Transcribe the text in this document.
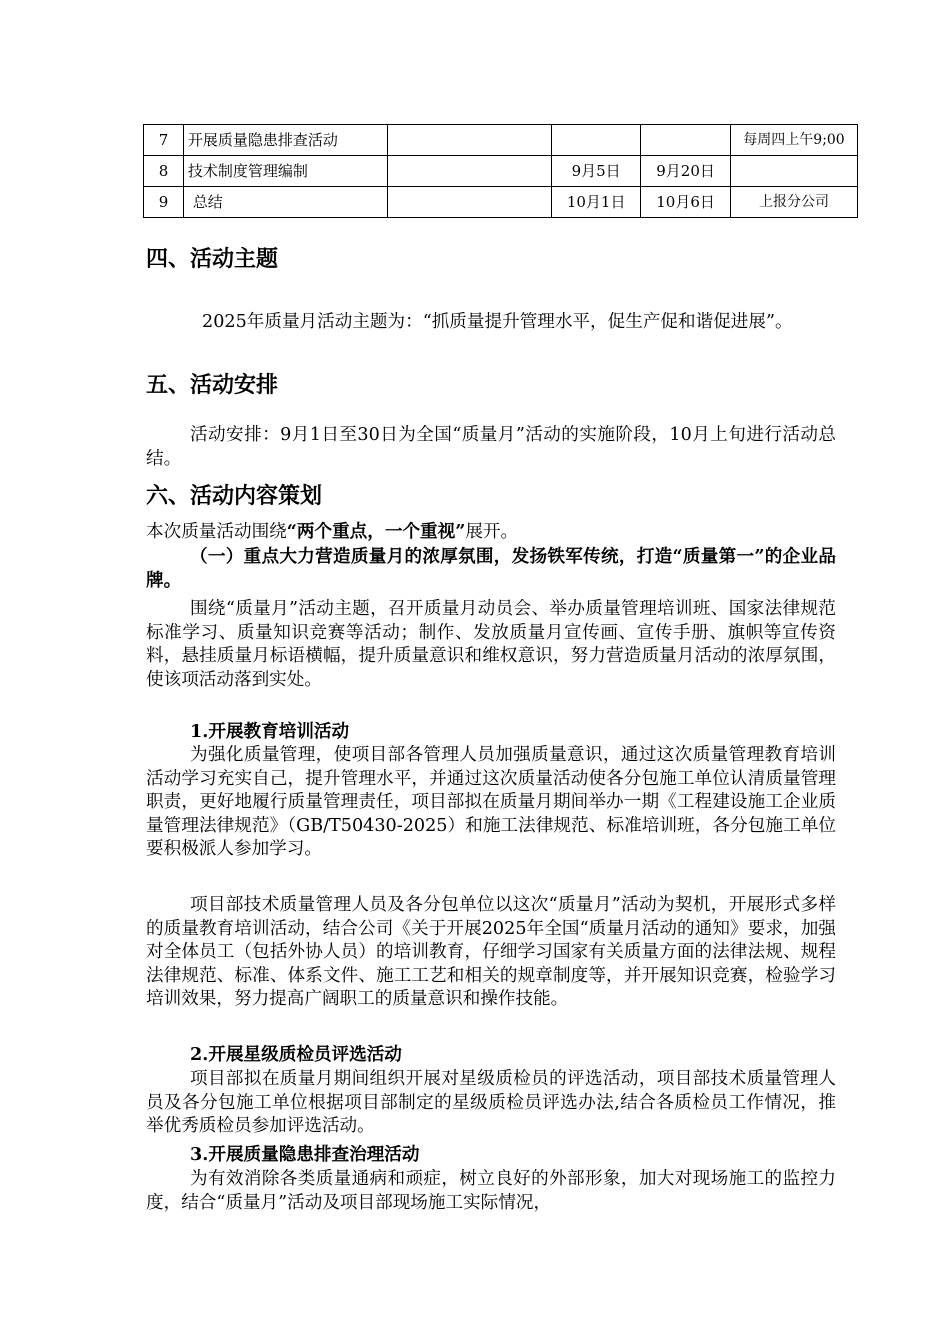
7	开展质量隐患排查活动				每周四上午9;00
8	技术制度管理编制		9月5日	9月20日	
9	总结		10月1日	10月6日	上报分公司
四、活动主题

2025年质量月活动主题为：“抓质量提升管理水平，促生产促和谐促进展”。

五、活动安排

活动安排：9月1日至30日为全国“质量月”活动的实施阶段，10月上旬进行活动总结。

六、活动内容策划

本次质量活动围绕“两个重点，一个重视”展开。

（一）重点大力营造质量月的浓厚氛围，发扬铁军传统，打造“质量第一”的企业品牌。

围绕“质量月”活动主题，召开质量月动员会、举办质量管理培训班、国家法律规范标准学习、质量知识竞赛等活动；制作、发放质量月宣传画、宣传手册、旗帜等宣传资料，悬挂质量月标语横幅，提升质量意识和维权意识，努力营造质量月活动的浓厚氛围，使该项活动落到实处。

1.开展教育培训活动

为强化质量管理，使项目部各管理人员加强质量意识，通过这次质量管理教育培训活动学习充实自己，提升管理水平，并通过这次质量活动使各分包施工单位认清质量管理职责，更好地履行质量管理责任，项目部拟在质量月期间举办一期《工程建设施工企业质量管理法律规范》（GB/T50430-2025）和施工法律规范、标准培训班，各分包施工单位要积极派人参加学习。

项目部技术质量管理人员及各分包单位以这次“质量月”活动为契机，开展形式多样的质量教育培训活动，结合公司《关于开展2025年全国“质量月活动的通知》要求，加强对全体员工（包括外协人员）的培训教育，仔细学习国家有关质量方面的法律法规、规程法律规范、标准、体系文件、施工工艺和相关的规章制度等，并开展知识竞赛，检验学习培训效果，努力提高广阔职工的质量意识和操作技能。

2.开展星级质检员评选活动

项目部拟在质量月期间组织开展对星级质检员的评选活动，项目部技术质量管理人员及各分包施工单位根据项目部制定的星级质检员评选办法,结合各质检员工作情况，推举优秀质检员参加评选活动。

3.开展质量隐患排查治理活动

为有效消除各类质量通病和顽症，树立良好的外部形象，加大对现场施工的监控力度，结合“质量月”活动及项目部现场施工实际情况，
